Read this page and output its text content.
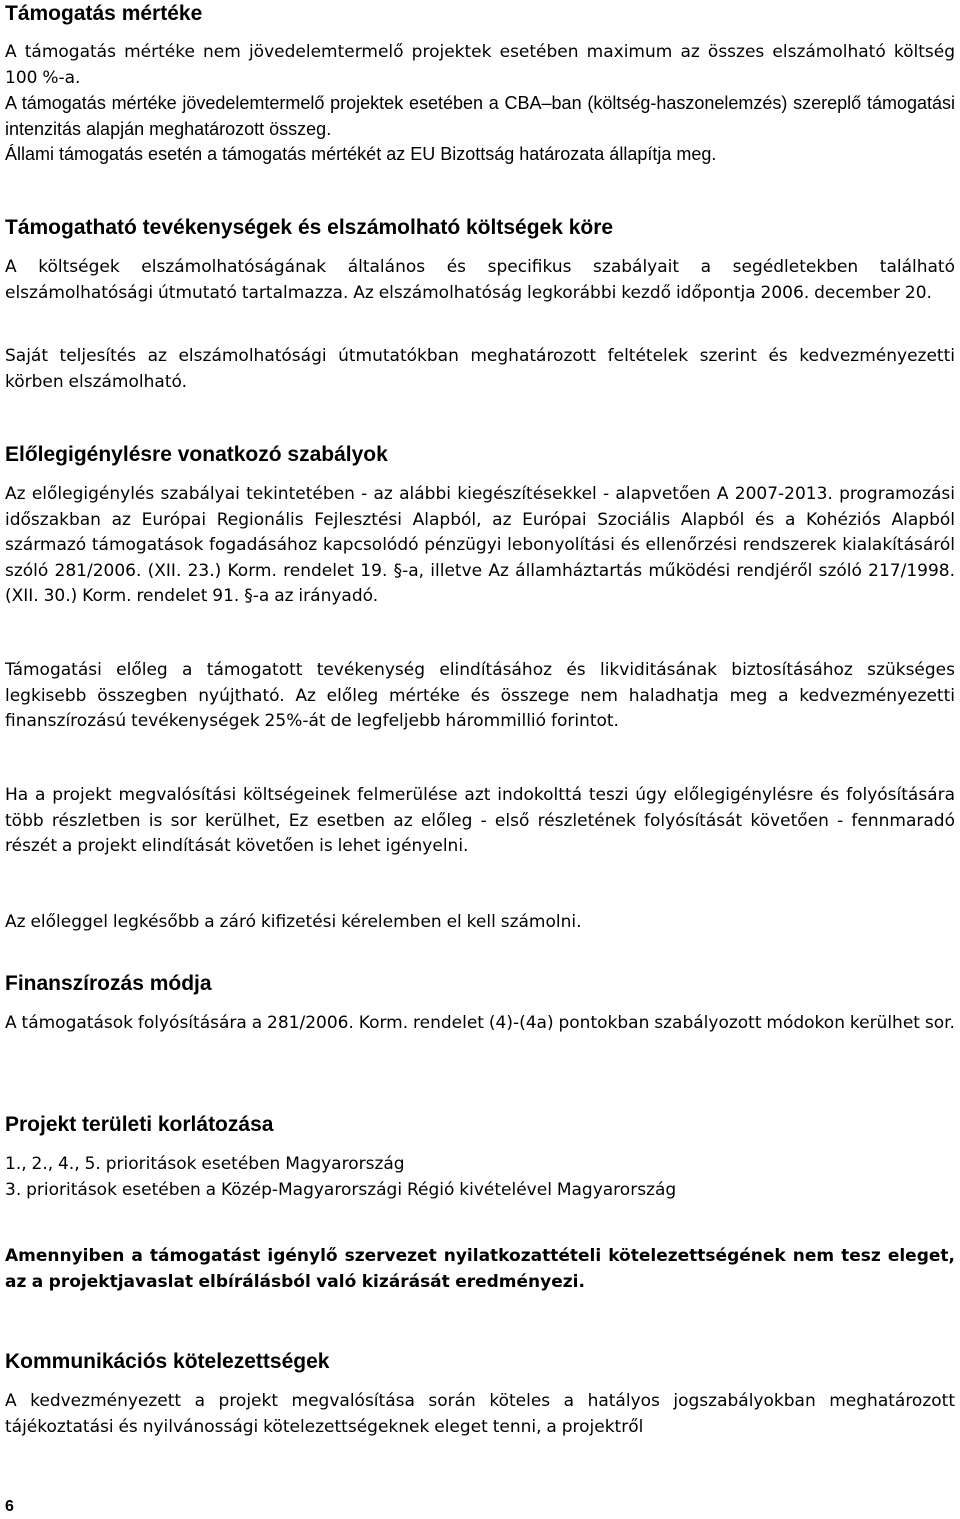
Támogatás mértéke

A támogatás mértéke nem jövedelemtermelő projektek esetében maximum az összes elszámolható költség 100 %-a.

A támogatás mértéke jövedelemtermelő projektek esetében a CBA–ban (költség-haszonelemzés) szereplő támogatási intenzitás alapján meghatározott összeg.

Állami támogatás esetén a támogatás mértékét az EU Bizottság határozata állapítja meg.

Támogatható tevékenységek és elszámolható költségek köre

A költségek elszámolhatóságának általános és specifikus szabályait a segédletekben található elszámolhatósági útmutató tartalmazza. Az elszámolhatóság legkorábbi kezdő időpontja 2006. december 20.

Saját teljesítés az elszámolhatósági útmutatókban meghatározott feltételek szerint és kedvezményezetti körben elszámolható.

Előlegigénylésre vonatkozó szabályok

Az előlegigénylés szabályai tekintetében - az alábbi kiegészítésekkel - alapvetően A 2007-2013. programozási időszakban az Európai Regionális Fejlesztési Alapból, az Európai Szociális Alapból és a Kohéziós Alapból származó támogatások fogadásához kapcsolódó pénzügyi lebonyolítási és ellenőrzési rendszerek kialakításáról szóló 281/2006. (XII. 23.) Korm. rendelet 19. §-a, illetve Az államháztartás működési rendjéről szóló 217/1998. (XII. 30.) Korm. rendelet 91. §-a az irányadó.

Támogatási előleg a támogatott tevékenység elindításához és likviditásának biztosításához szükséges legkisebb összegben nyújtható. Az előleg mértéke és összege nem haladhatja meg a kedvezményezetti finanszírozású tevékenységek 25%-át de legfeljebb hárommillió forintot.

Ha a projekt megvalósítási költségeinek felmerülése azt indokolttá teszi úgy előlegigénylésre és folyósítására több részletben is sor kerülhet, Ez esetben az előleg - első részletének folyósítását követően - fennmaradó részét a projekt elindítását követően is lehet igényelni.

Az előleggel legkésőbb a záró kifizetési kérelemben el kell számolni.

Finanszírozás módja

A támogatások folyósítására a 281/2006. Korm. rendelet (4)-(4a) pontokban szabályozott módokon kerülhet sor.

Projekt területi korlátozása

1., 2., 4., 5. prioritások esetében Magyarország

3. prioritások esetében a Közép-Magyarországi Régió kivételével Magyarország

Amennyiben a támogatást igénylő szervezet nyilatkozattételi kötelezettségének nem tesz eleget, az a projektjavaslat elbírálásból való kizárását eredményezi.

Kommunikációs kötelezettségek

A kedvezményezett a projekt megvalósítása során köteles a hatályos jogszabályokban meghatározott tájékoztatási és nyilvánossági kötelezettségeknek eleget tenni, a projektről

6
